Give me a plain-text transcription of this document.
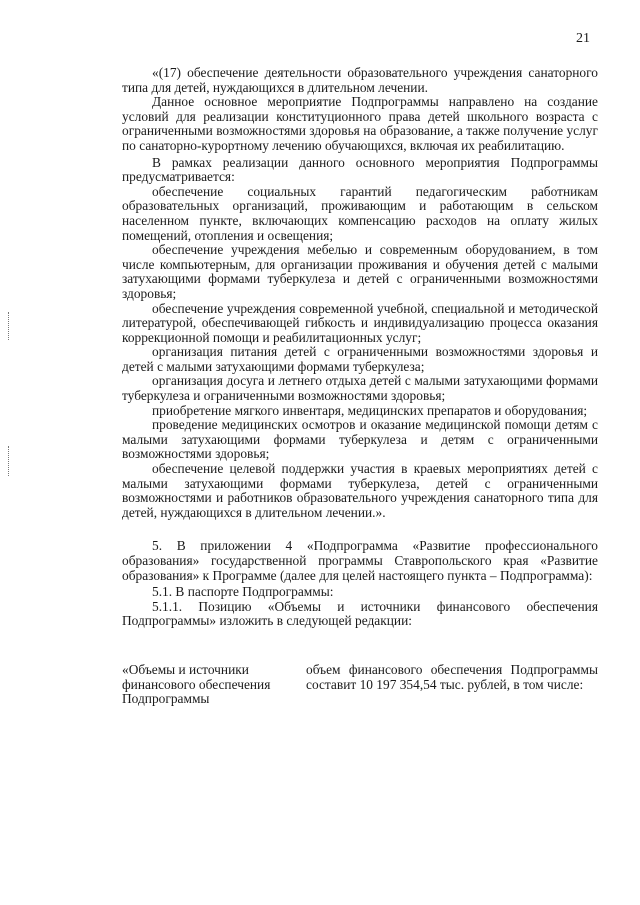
21

«(17) обеспечение деятельности образовательного учреждения санаторного типа для детей, нуждающихся в длительном лечении.

Данное основное мероприятие Подпрограммы направлено на создание условий для реализации конституционного права детей школьного возраста с ограниченными возможностями здоровья на образование, а также получение услуг по санаторно-курортному лечению обучающихся, включая их реабилитацию.

В рамках реализации данного основного мероприятия Подпрограммы предусматривается:

обеспечение социальных гарантий педагогическим работникам образовательных организаций, проживающим и работающим в сельском населенном пункте, включающих компенсацию расходов на оплату жилых помещений, отопления и освещения;

обеспечение учреждения мебелью и современным оборудованием, в том числе компьютерным, для организации проживания и обучения детей с малыми затухающими формами туберкулеза и детей с ограниченными возможностями здоровья;

обеспечение учреждения современной учебной, специальной и методической литературой, обеспечивающей гибкость и индивидуализацию процесса оказания коррекционной помощи и реабилитационных услуг;

организация питания детей с ограниченными возможностями здоровья и детей с малыми затухающими формами туберкулеза;

организация досуга и летнего отдыха детей с малыми затухающими формами туберкулеза и ограниченными возможностями здоровья;

приобретение мягкого инвентаря, медицинских препаратов и оборудования;

проведение медицинских осмотров и оказание медицинской помощи детям с малыми затухающими формами туберкулеза и детям с ограниченными возможностями здоровья;

обеспечение целевой поддержки участия в краевых мероприятиях детей с малыми затухающими формами туберкулеза, детей с ограниченными возможностями и работников образовательного учреждения санаторного типа для детей, нуждающихся в длительном лечении.».

5. В приложении 4 «Подпрограмма «Развитие профессионального образования» государственной программы Ставропольского края «Развитие образования» к Программе (далее для целей настоящего пункта – Подпрограмма):

5.1. В паспорте Подпрограммы:

5.1.1. Позицию «Объемы и источники финансового обеспечения Подпрограммы» изложить в следующей редакции:

«Объемы и источники финансового обеспечения Подпрограммы
объем финансового обеспечения Подпрограммы составит 10 197 354,54 тыс. рублей, в том числе:
